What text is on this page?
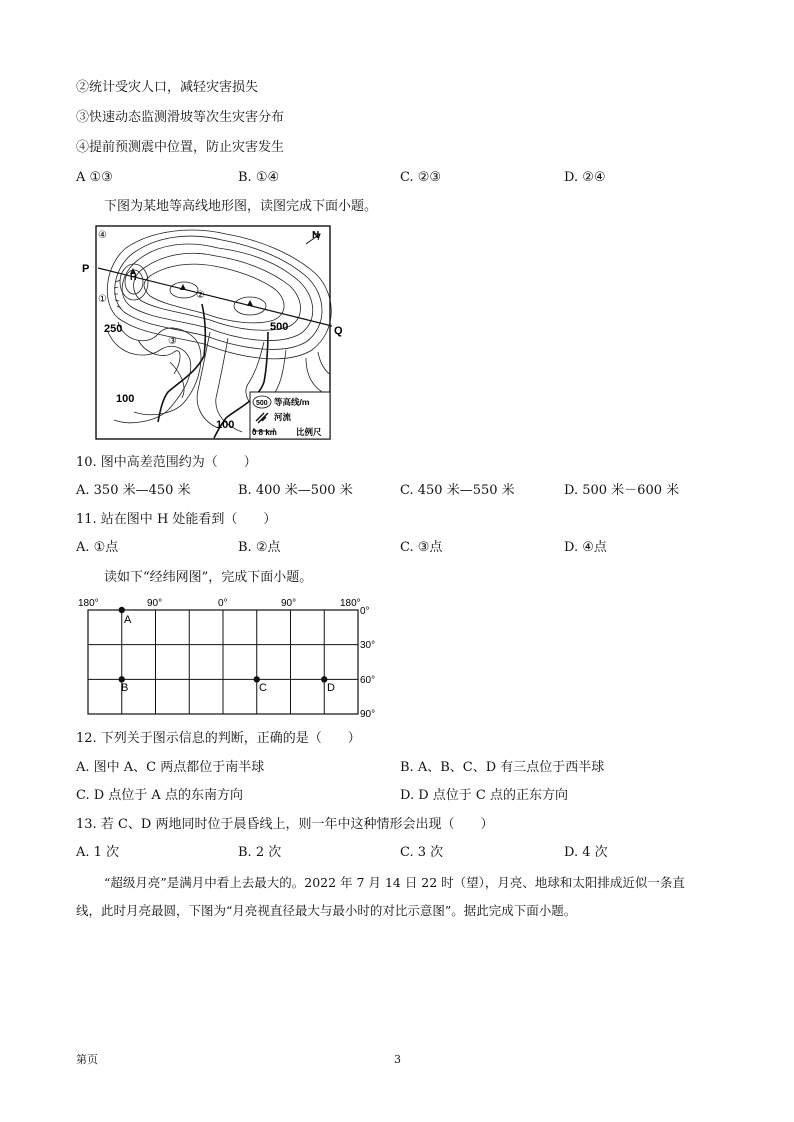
②统计受灾人口，减轻灾害损失
③快速动态监测滑坡等次生灾害分布
④提前预测震中位置，防止灾害发生
A ①③	B. ①④	C. ②③	D. ②④
下图为某地等高线地形图，读图完成下面小题。
P
Q
H
N
250	500
100
100
①	②
③
④
500 等高线/m
河流
0 8 km 比例尺
10. 图中高差范围约为（　　）
A. 350 米—450 米	B. 400 米—500 米	C. 450 米—550 米	D. 500 米－600 米
11. 站在图中 H 处能看到（　　）
A. ①点	B. ②点	C. ③点	D. ④点
读如下“经纬网图”，完成下面小题。
180°	90°	0°	90°	180°
0°
30°
60°
90°
A
B	C	D
12. 下列关于图示信息的判断，正确的是（　　）
A. 图中 A、C 两点都位于南半球	B. A、B、C、D 有三点位于西半球
C. D 点位于 A 点的东南方向	D. D 点位于 C 点的正东方向
13. 若 C、D 两地同时位于晨昏线上，则一年中这种情形会出现（　　）
A. 1 次	B. 2 次	C. 3 次	D. 4 次
“超级月亮”是满月中看上去最大的。2022 年 7 月 14 日 22 时（望），月亮、地球和太阳排成近似一条直
线，此时月亮最圆，下图为“月亮视直径最大与最小时的对比示意图”。据此完成下面小题。
第页	3
